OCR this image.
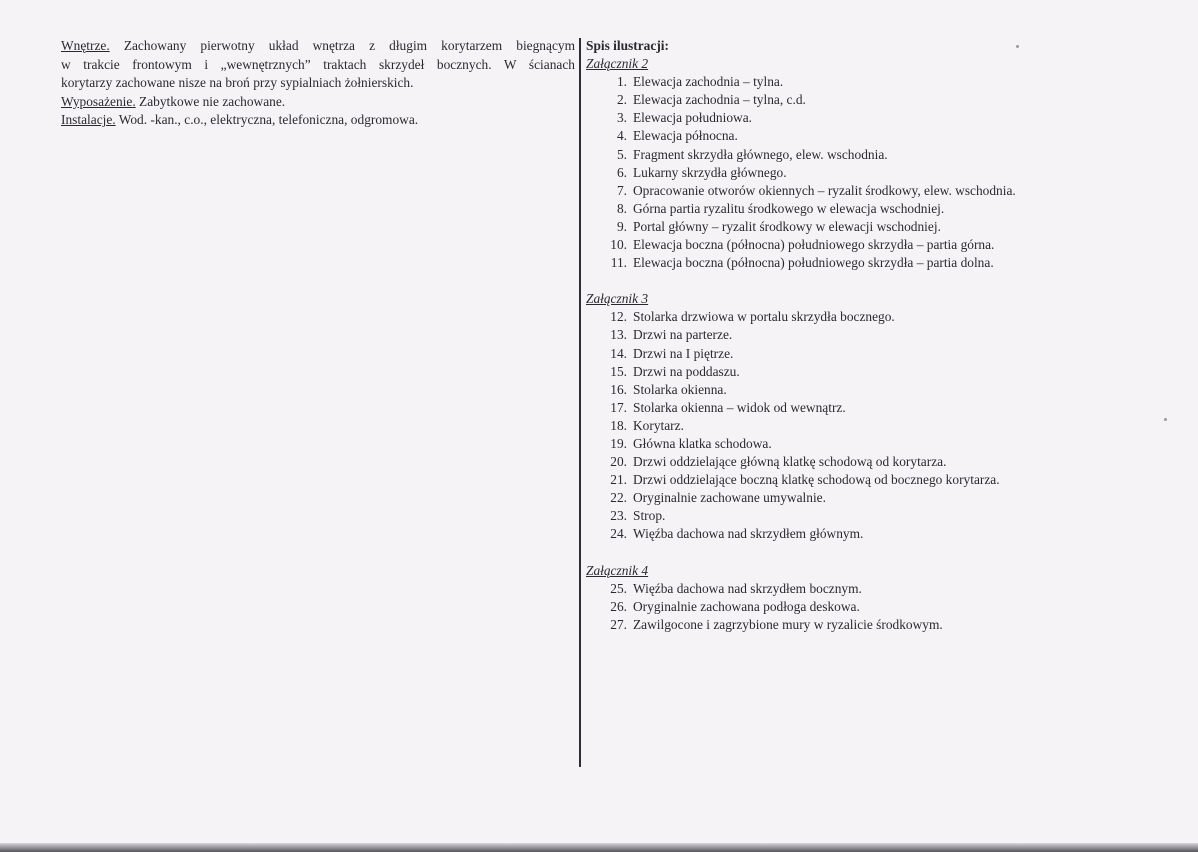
Wnętrze. Zachowany pierwotny układ wnętrza z długim korytarzem biegnącym

w trakcie frontowym i „wewnętrznych” traktach skrzydeł bocznych. W ścianach

korytarzy zachowane nisze na broń przy sypialniach żołnierskich.

Wyposażenie. Zabytkowe nie zachowane.

Instalacje. Wod. -kan., c.o., elektryczna, telefoniczna, odgromowa.

Spis ilustracji:

Załącznik 2

1. Elewacja zachodnia – tylna.
2. Elewacja zachodnia – tylna, c.d.
3. Elewacja południowa.
4. Elewacja północna.
5. Fragment skrzydła głównego, elew. wschodnia.
6. Lukarny skrzydła głównego.
7. Opracowanie otworów okiennych – ryzalit środkowy, elew. wschodnia.
8. Górna partia ryzalitu środkowego w elewacja wschodniej.
9. Portal główny – ryzalit środkowy w elewacji wschodniej.
10. Elewacja boczna (północna) południowego skrzydła – partia górna.
11. Elewacja boczna (północna) południowego skrzydła – partia dolna.

Załącznik 3

12. Stolarka drzwiowa w portalu skrzydła bocznego.
13. Drzwi na parterze.
14. Drzwi na I piętrze.
15. Drzwi na poddaszu.
16. Stolarka okienna.
17. Stolarka okienna – widok od wewnątrz.
18. Korytarz.
19. Główna klatka schodowa.
20. Drzwi oddzielające główną klatkę schodową od korytarza.
21. Drzwi oddzielające boczną klatkę schodową od bocznego korytarza.
22. Oryginalnie zachowane umywalnie.
23. Strop.
24. Więźba dachowa nad skrzydłem głównym.

Załącznik 4

25. Więźba dachowa nad skrzydłem bocznym.
26. Oryginalnie zachowana podłoga deskowa.
27. Zawilgocone i zagrzybione mury w ryzalicie środkowym.
